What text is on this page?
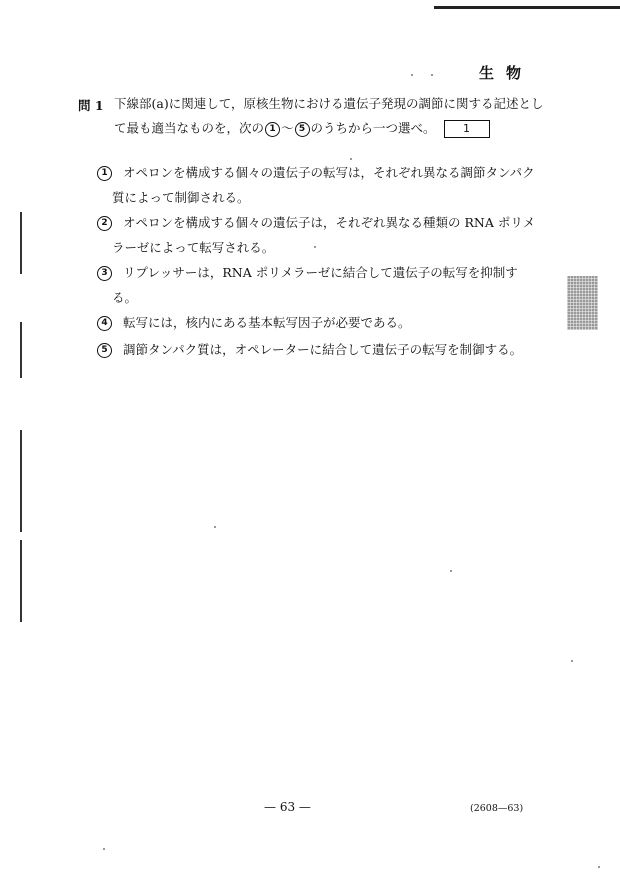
生物
問 1 下線部(a)に関連して，原核生物における遺伝子発現の調節に関する記述とし
て最も適当なものを，次の 1 ～ 5 のうちから一つ選べ。	1
1	オペロンを構成する個々の遺伝子の転写は，それぞれ異なる調節タンパク
質によって制御される。
2	オペロンを構成する個々の遺伝子は，それぞれ異なる種類の RNA ポリメ
ラーゼによって転写される。
3	リプレッサーは，RNA ポリメラーゼに結合して遺伝子の転写を抑制す
る。
4	転写には，核内にある基本転写因子が必要である。
5	調節タンパク質は，オペレーターに結合して遺伝子の転写を制御する。
— 63 —	(2608—63)
